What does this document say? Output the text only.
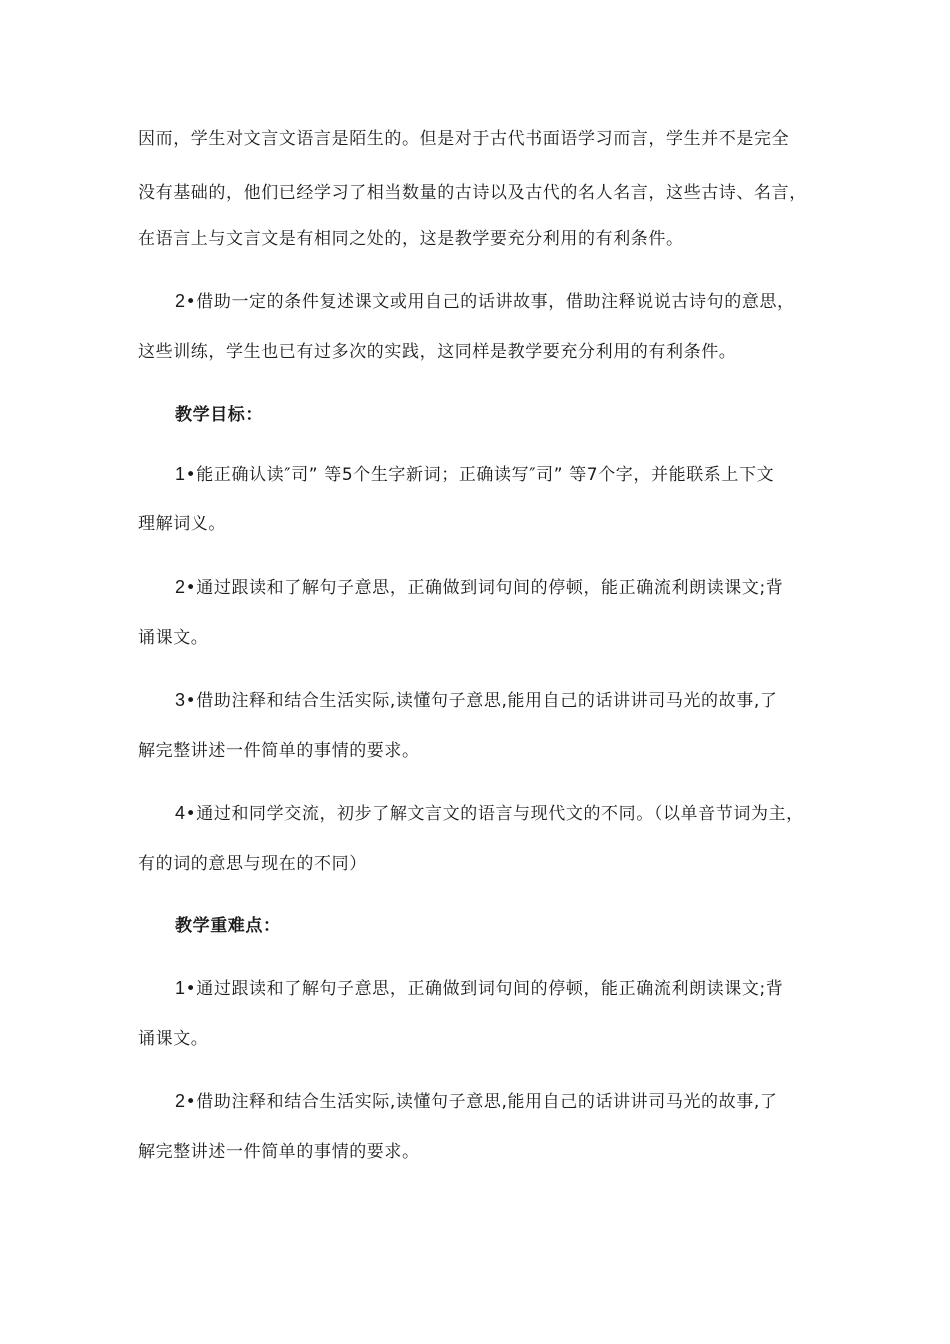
因而，学生对文言文语言是陌生的。但是对于古代书面语学习而言，学生并不是完全
没有基础的，他们已经学习了相当数量的古诗以及古代的名人名言，这些古诗、名言，
在语言上与文言文是有相同之处的，这是教学要充分利用的有利条件。
2•借助一定的条件复述课文或用自己的话讲故事，借助注释说说古诗句的意思，
这些训练，学生也已有过多次的实践，这同样是教学要充分利用的有利条件。
教学目标：
1•能正确认读″司” 等5个生字新词；正确读写″司” 等7个字，并能联系上下文
理解词义。
2•通过跟读和了解句子意思，正确做到词句间的停顿，能正确流利朗读课文;背
诵课文。
3•借助注释和结合生活实际,读懂句子意思,能用自己的话讲讲司马光的故事,了
解完整讲述一件简单的事情的要求。
4•通过和同学交流，初步了解文言文的语言与现代文的不同。（以单音节词为主，
有的词的意思与现在的不同）
教学重难点：
1•通过跟读和了解句子意思，正确做到词句间的停顿，能正确流利朗读课文;背
诵课文。
2•借助注释和结合生活实际,读懂句子意思,能用自己的话讲讲司马光的故事,了
解完整讲述一件简单的事情的要求。
